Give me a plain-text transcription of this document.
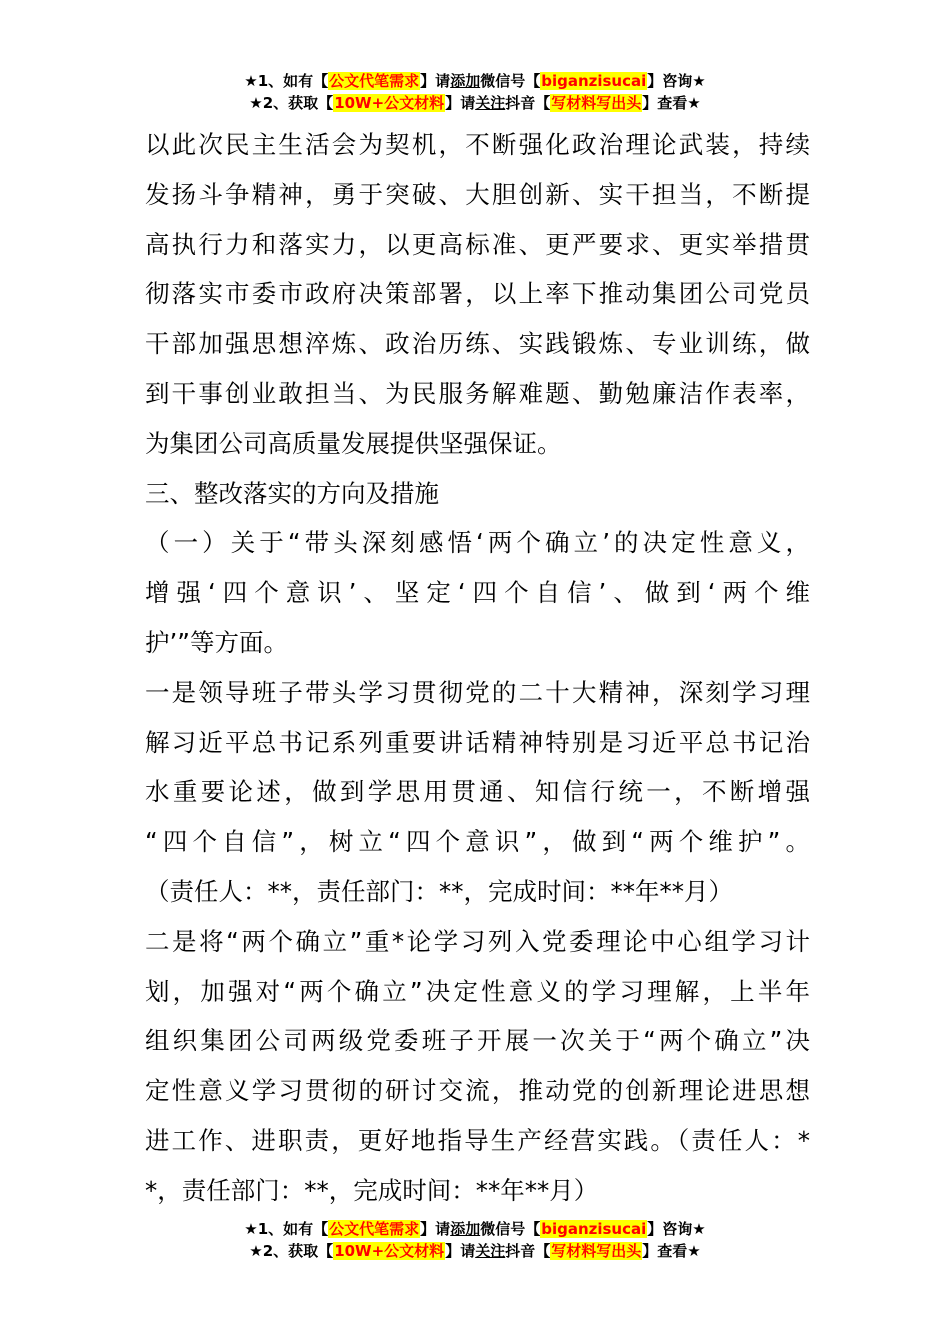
★1、如有【公文代笔需求】请添加微信号【biganzisucai】咨询★
★2、获取【10W+公文材料】请关注抖音【写材料写出头】查看★
以此次民主生活会为契机，不断强化政治理论武装，持续
发扬斗争精神，勇于突破、大胆创新、实干担当，不断提
高执行力和落实力，以更高标准、更严要求、更实举措贯
彻落实市委市政府决策部署，以上率下推动集团公司党员
干部加强思想淬炼、政治历练、实践锻炼、专业训练，做
到干事创业敢担当、为民服务解难题、勤勉廉洁作表率，
为集团公司高质量发展提供坚强保证。
三、整改落实的方向及措施
（一）关于“带头深刻感悟‘两个确立’的决定性意义，
增强‘四个意识’、坚定‘四个自信’、做到‘两个维
护’”等方面。
一是领导班子带头学习贯彻党的二十大精神，深刻学习理
解习近平总书记系列重要讲话精神特别是习近平总书记治
水重要论述，做到学思用贯通、知信行统一，不断增强
“四个自信”，树立“四个意识”，做到“两个维护”。
（责任人：**，责任部门：**，完成时间：**年**月）
二是将“两个确立”重*论学习列入党委理论中心组学习计
划，加强对“两个确立”决定性意义的学习理解，上半年
组织集团公司两级党委班子开展一次关于“两个确立”决
定性意义学习贯彻的研讨交流，推动党的创新理论进思想
进工作、进职责，更好地指导生产经营实践。（责任人：*
*，责任部门：**，完成时间：**年**月）
★1、如有【公文代笔需求】请添加微信号【biganzisucai】咨询★
★2、获取【10W+公文材料】请关注抖音【写材料写出头】查看★
